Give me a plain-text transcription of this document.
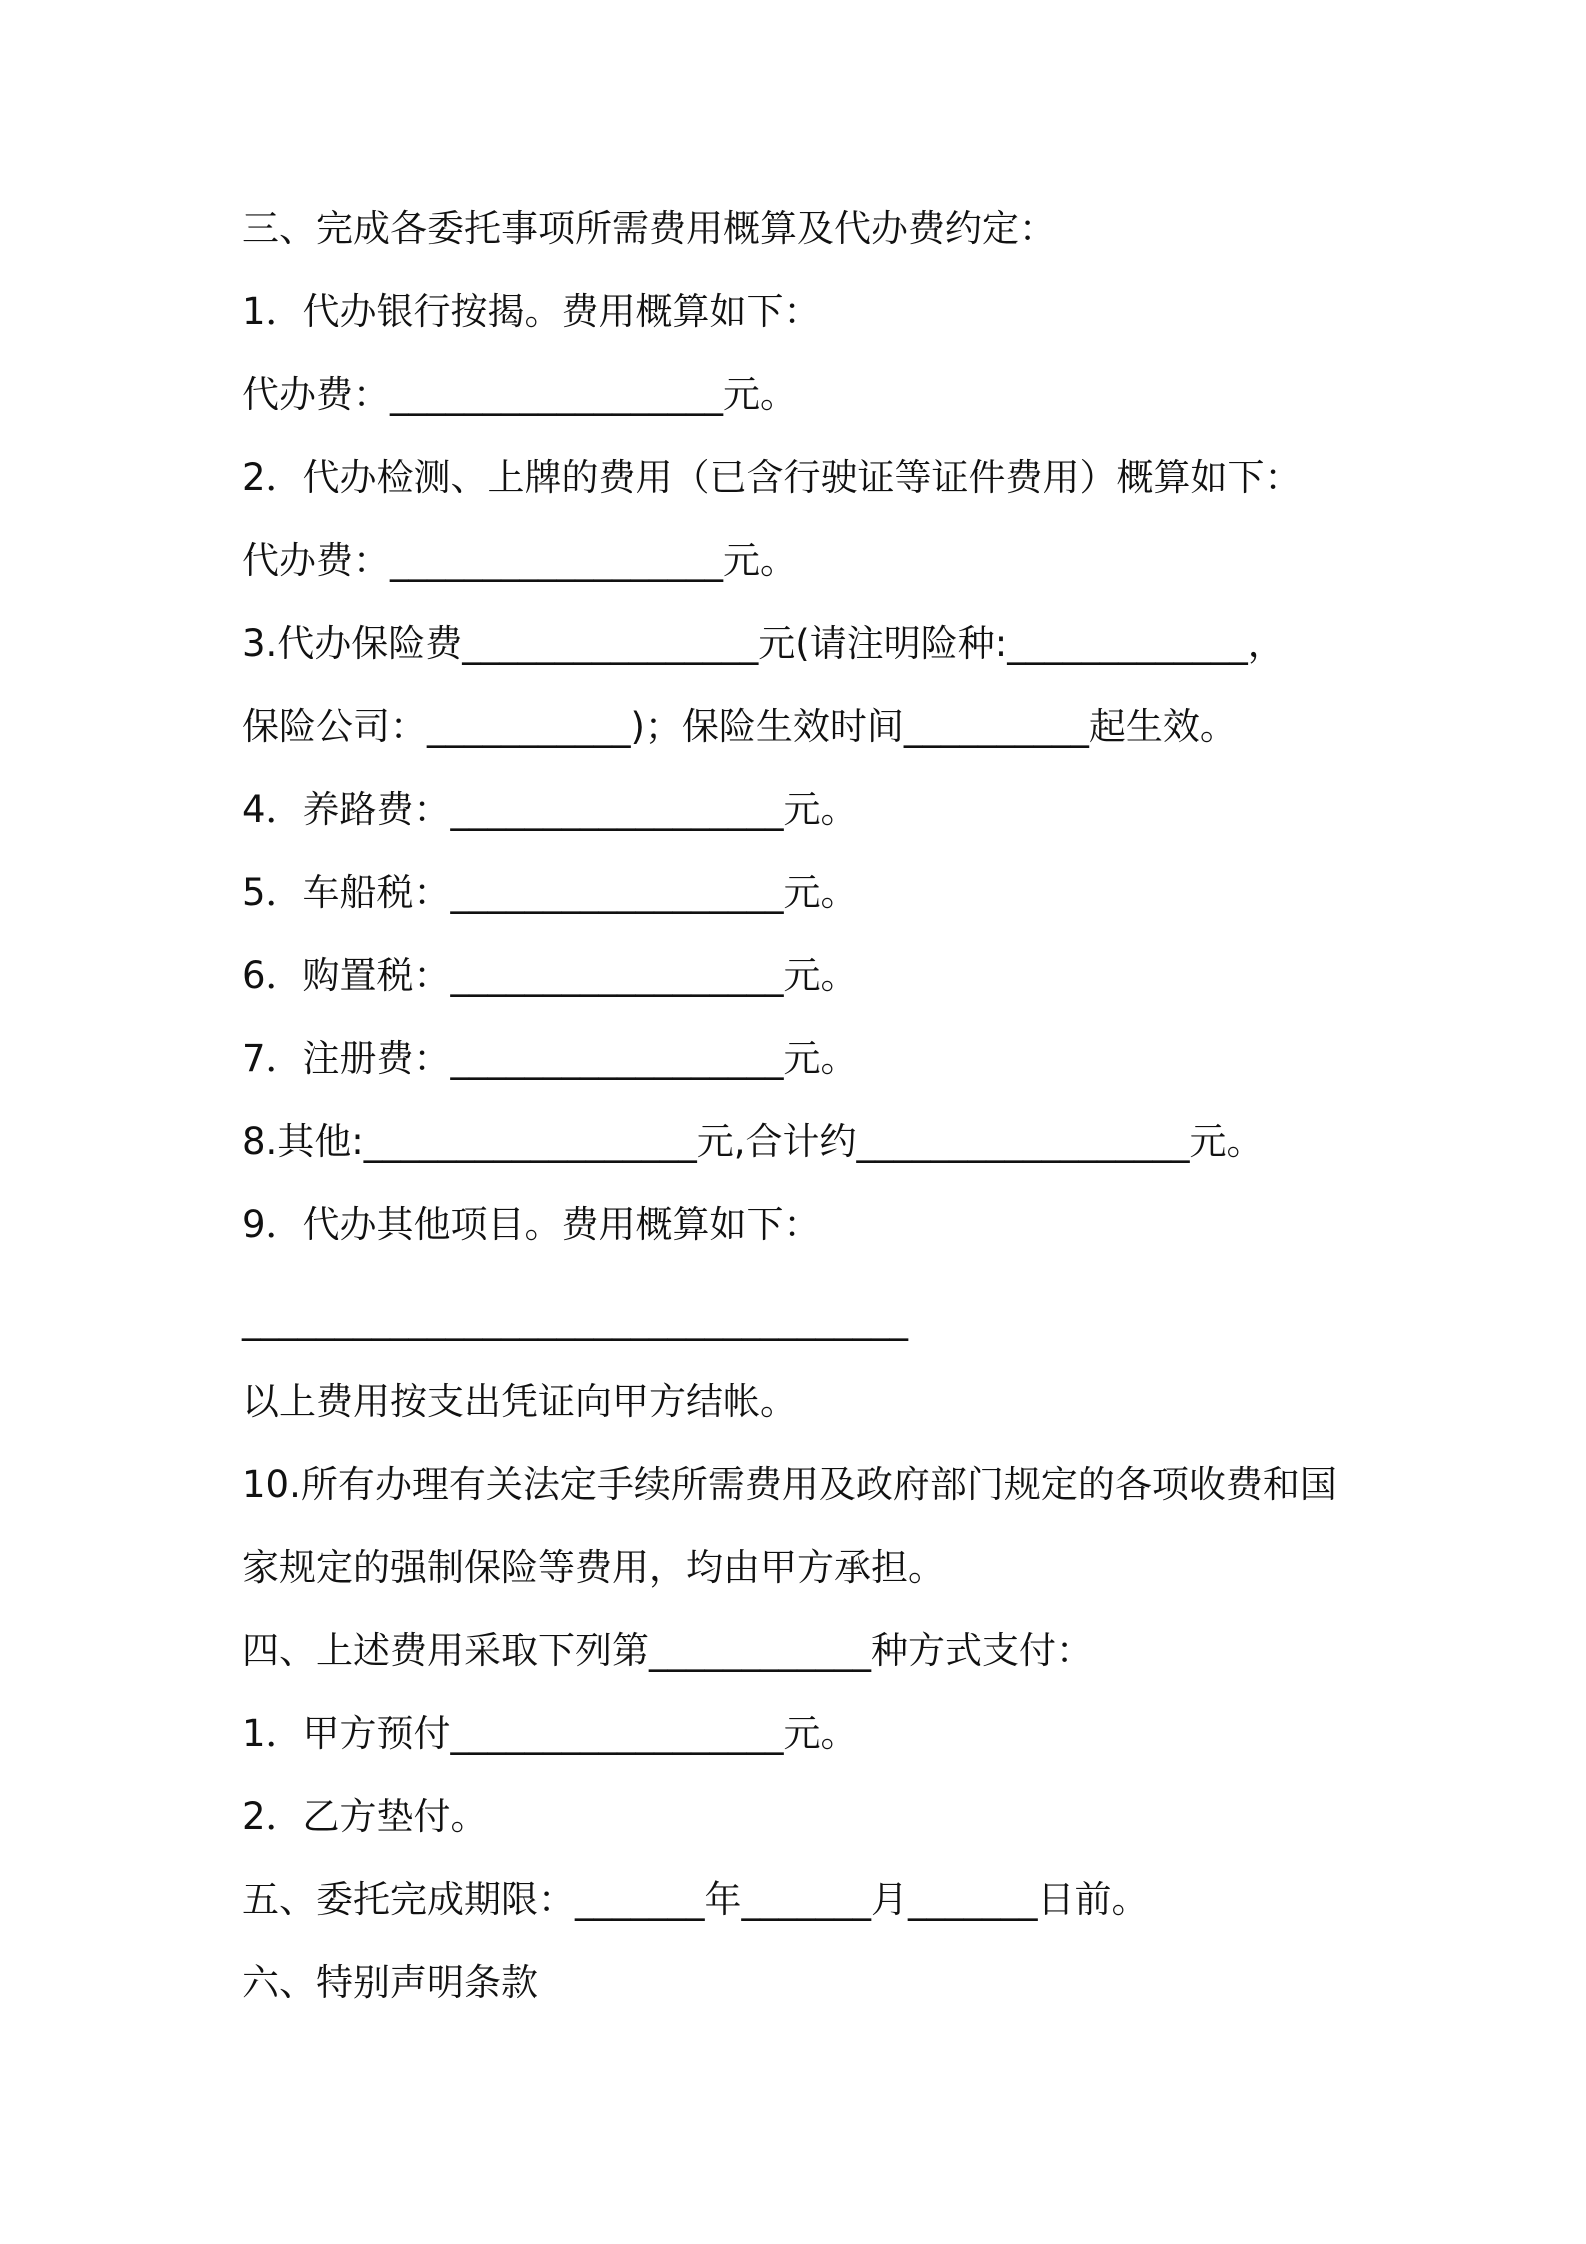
三、完成各委托事项所需费用概算及代办费约定：
1．代办银行按揭。费用概算如下：
代办费：__________________元。
2．代办检测、上牌的费用（已含行驶证等证件费用）概算如下：
代办费：__________________元。
3.代办保险费________________元(请注明险种:_____________，
保险公司：___________)；保险生效时间__________起生效。
4．养路费：__________________元。
5．车船税：__________________元。
6．购置税：__________________元。
7．注册费：__________________元。
8.其他:__________________元,合计约__________________元。
9．代办其他项目。费用概算如下：
____________________________________
以上费用按支出凭证向甲方结帐。
10.所有办理有关法定手续所需费用及政府部门规定的各项收费和国
家规定的强制保险等费用，均由甲方承担。
四、上述费用采取下列第____________种方式支付：
1．甲方预付__________________元。
2．乙方垫付。
五、委托完成期限：_______年_______月_______日前。
六、特别声明条款
